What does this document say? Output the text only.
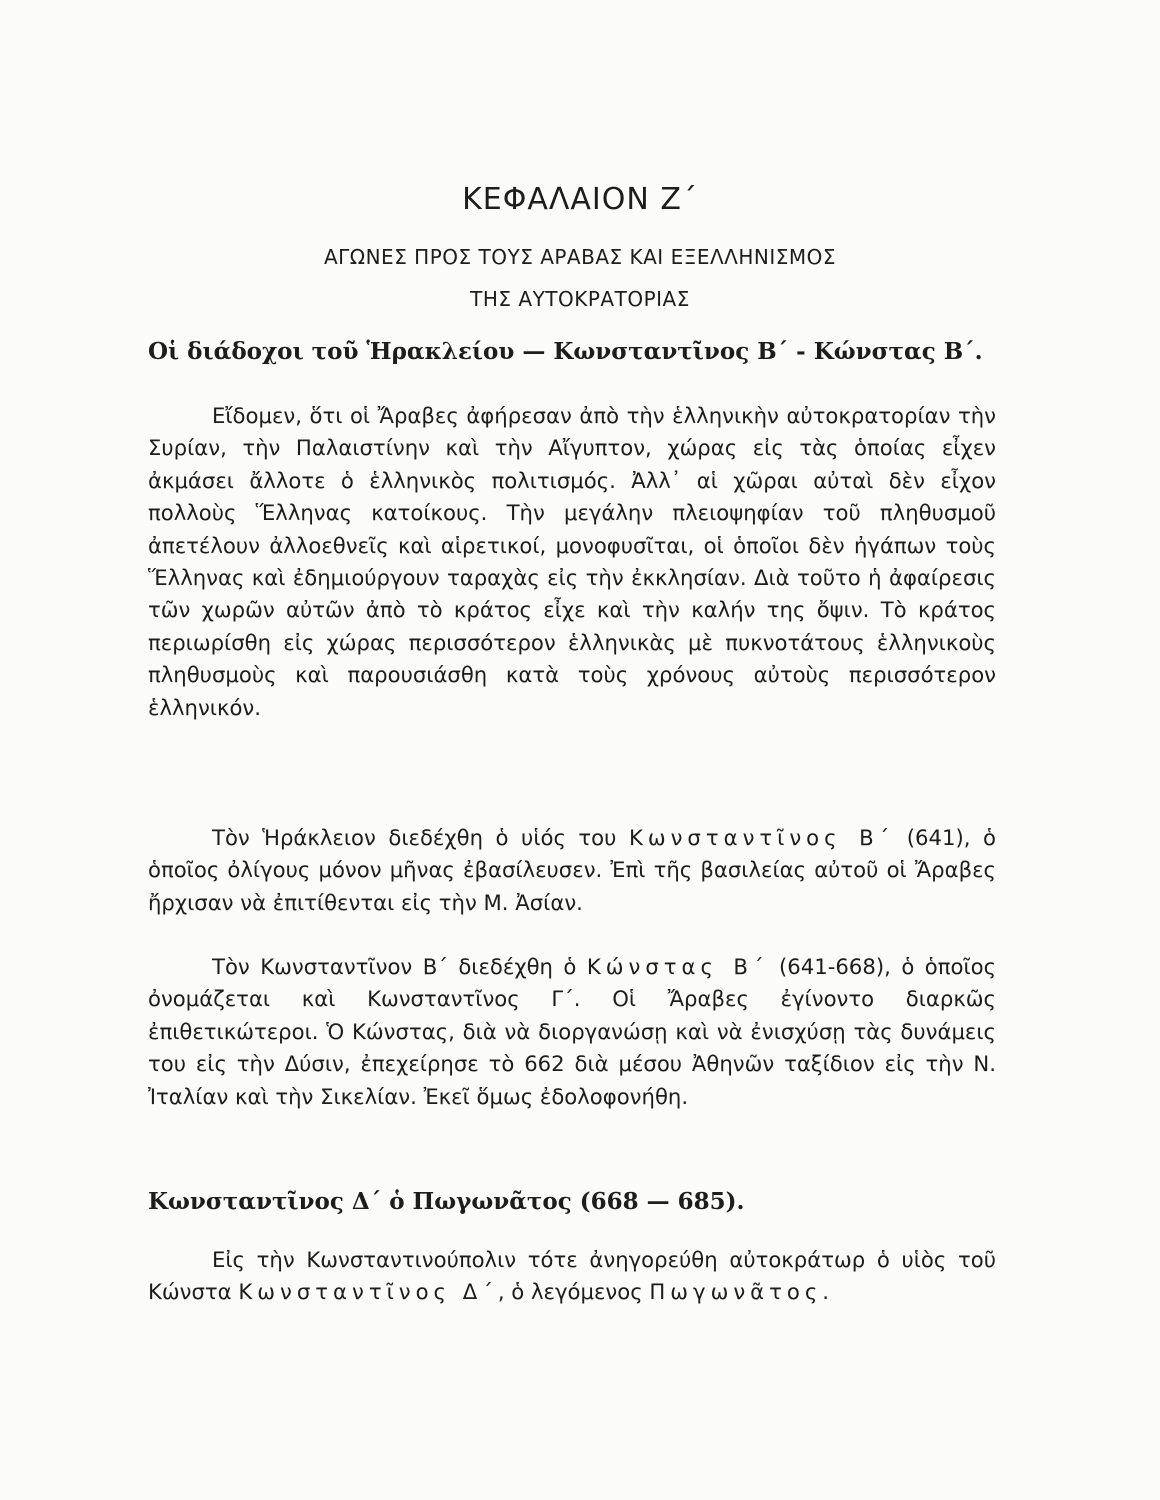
ΚΕΦΑΛΑΙΟΝ Ζ΄
ΑΓΩΝΕΣ ΠΡΟΣ ΤΟΥΣ ΑΡΑΒΑΣ ΚΑΙ ΕΞΕΛΛΗΝΙΣΜΟΣ
ΤΗΣ ΑΥΤΟΚΡΑΤΟΡΙΑΣ
Οἱ διάδοχοι τοῦ Ἡρακλείου — Κωνσταντῖνος Β΄ - Κώνστας Β΄.

Εἴδομεν, ὅτι οἱ Ἄραβες ἀφήρεσαν ἀπὸ τὴν ἑλληνικὴν αὐτοκρατορίαν τὴν Συρίαν, τὴν Παλαιστίνην καὶ τὴν Αἴγυπτον, χώρας εἰς τὰς ὁποίας εἶχεν ἀκμάσει ἄλλοτε ὁ ἑλληνικὸς πολιτισμός. Ἀλλ᾽ αἱ χῶραι αὐταὶ δὲν εἶχον πολλοὺς Ἕλληνας κατοίκους. Τὴν μεγάλην πλειοψηφίαν τοῦ πληθυσμοῦ ἀπετέλουν ἀλλοεθνεῖς καὶ αἱρετικοί, μονοφυσῖται, οἱ ὁποῖοι δὲν ἠγάπων τοὺς Ἕλληνας καὶ ἐδημιούργουν ταραχὰς εἰς τὴν ἐκκλησίαν. Διὰ τοῦτο ἡ ἀφαίρεσις τῶν χωρῶν αὐτῶν ἀπὸ τὸ κράτος εἶχε καὶ τὴν καλήν της ὄψιν. Τὸ κράτος περιωρίσθη εἰς χώρας περισσότερον ἑλληνικὰς μὲ πυκνοτάτους ἑλληνικοὺς πληθυσμοὺς καὶ παρουσιάσθη κατὰ τοὺς χρόνους αὐτοὺς περισσότερον ἑλληνικόν.

Τὸν Ἡράκλειον διεδέχθη ὁ υἱός του Κωνσταντῖνος Β΄ (641), ὁ ὁποῖος ὀλίγους μόνον μῆνας ἐβασίλευσεν. Ἐπὶ τῆς βασιλείας αὐτοῦ οἱ Ἄραβες ἤρχισαν νὰ ἐπιτίθενται εἰς τὴν Μ. Ἀσίαν.

Τὸν Κωνσταντῖνον Β΄ διεδέχθη ὁ Κώνστας Β΄ (641-668), ὁ ὁποῖος ὀνομάζεται καὶ Κωνσταντῖνος Γ΄. Οἱ Ἄραβες ἐγίνοντο διαρκῶς ἐπιθετικώτεροι. Ὁ Κώνστας, διὰ νὰ διοργανώσῃ καὶ νὰ ἐνισχύσῃ τὰς δυνάμεις του εἰς τὴν Δύσιν, ἐπεχείρησε τὸ 662 διὰ μέσου Ἀθηνῶν ταξίδιον εἰς τὴν Ν. Ἰταλίαν καὶ τὴν Σικελίαν. Ἐκεῖ ὅμως ἐδολοφονήθη.

Κωνσταντῖνος Δ΄ ὁ Πωγωνᾶτος (668 — 685).

Εἰς τὴν Κωνσταντινούπολιν τότε ἀνηγορεύθη αὐτοκράτωρ ὁ υἱὸς τοῦ Κώνστα Κωνσταντῖνος Δ΄, ὁ λεγόμενος Πωγωνᾶτος.
